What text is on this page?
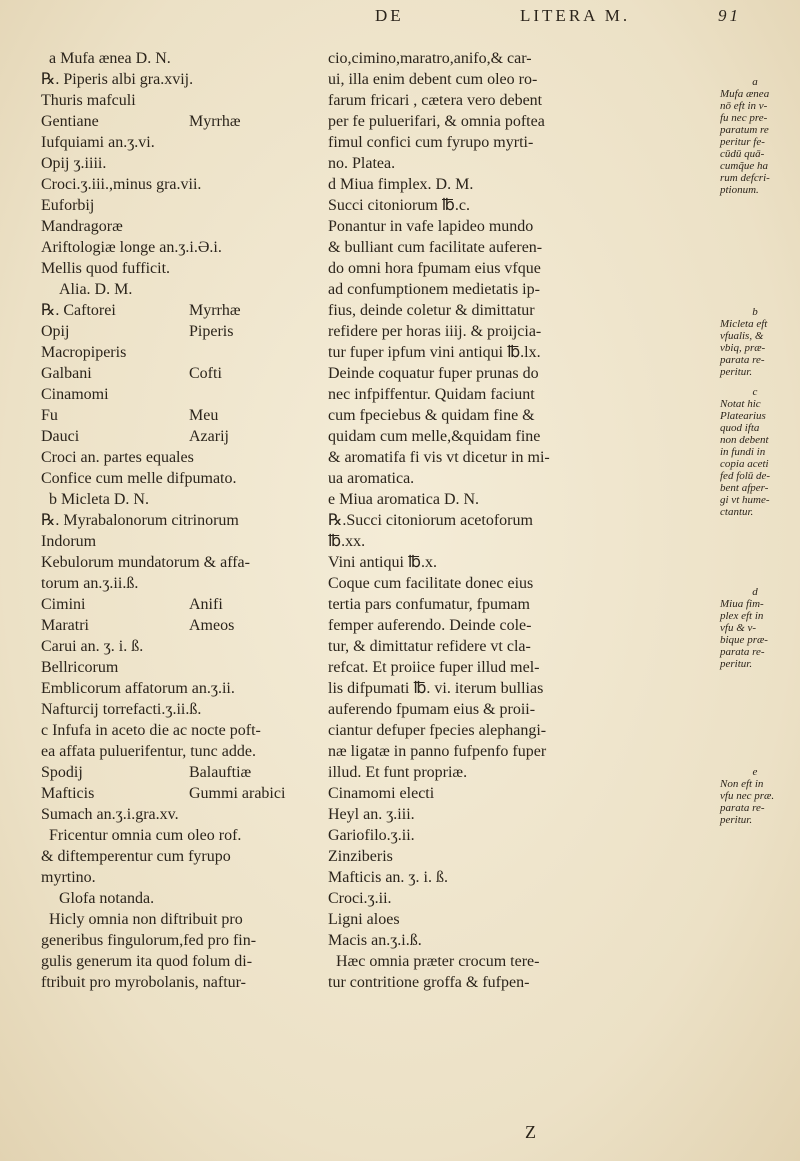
DE	LITERA M.	91
a Mufa ænea D. N.
℞. Piperis albi gra.xvij.
Thuris mafculi
Gentiane	Myrrhæ
Iufquiami an.ʒ.vi.
Opij ʒ.iiii.
Croci.ʒ.iii.,minus gra.vii.
Euforbij
Mandragoræ
Ariftologiæ longe an.ʒ.i.Ə.i.
Mellis quod fufficit.
Alia. D. M.
℞. Caftorei	Myrrhæ
Opij	Piperis
Macropiperis
Galbani	Cofti
Cinamomi
Fu	Meu
Dauci	Azarij
Croci an. partes equales
Confice cum melle difpumato.
b Micleta D. N.
℞. Myrabalonorum citrinorum
Indorum
Kebulorum mundatorum & affa-
torum an.ʒ.ii.ß.
Cimini	Anifi
Maratri	Ameos
Carui an. ʒ. i. ß.
Bellricorum
Emblicorum affatorum an.ʒ.ii.
Nafturcij torrefacti.ʒ.ii.ß.
c Infufa in aceto die ac nocte poft-
ea affata puluerifentur, tunc adde.
Spodij	Balauftiæ
Mafticis	Gummi arabici
Sumach an.ʒ.i.gra.xv.
Fricentur omnia cum oleo rof.
& diftemperentur cum fyrupo
myrtino.
Glofa notanda.
Hicly omnia non diftribuit pro
generibus fingulorum,fed pro fin-
gulis generum ita quod folum di-
ftribuit pro myrobolanis, naftur-
cio,cimino,maratro,anifo,& car-
ui, illa enim debent cum oleo ro-
farum fricari , cætera vero debent
per fe puluerifari, & omnia poftea
fimul confici cum fyrupo myrti-
no. Platea.
d Miua fimplex. D. M.
Succi citoniorum ℔.c.
Ponantur in vafe lapideo mundo
& bulliant cum facilitate auferen-
do omni hora fpumam eius vfque
ad confumptionem medietatis ip-
fius, deinde coletur & dimittatur
refidere per horas iiij. & proijcia-
tur fuper ipfum vini antiqui ℔.lx.
Deinde coquatur fuper prunas do
nec infpiffentur. Quidam faciunt
cum fpeciebus & quidam fine &
quidam cum melle,&quidam fine
& aromatifa fi vis vt dicetur in mi-
ua aromatica.
e Miua aromatica D. N.
℞.Succi citoniorum acetoforum
℔.xx.
Vini antiqui ℔.x.
Coque cum facilitate donec eius
tertia pars confumatur, fpumam
femper auferendo. Deinde cole-
tur, & dimittatur refidere vt cla-
refcat. Et proiice fuper illud mel-
lis difpumati ℔. vi. iterum bullias
auferendo fpumam eius & proii-
ciantur defuper fpecies alephangi-
næ ligatæ in panno fufpenfo fuper
illud. Et funt propriæ.
Cinamomi electi
Heyl an. ʒ.iii.
Gariofilo.ʒ.ii.
Zinziberis
Mafticis an. ʒ. i. ß.
Croci.ʒ.ii.
Ligni aloes
Macis an.ʒ.i.ß.
Hæc omnia præter crocum tere-
tur contritione groffa & fufpen-
a
Mufa ænea
nō eft in v-
fu nec pre-
paratum re
peritur fe-
cūdū quā-
cumq̃ue ha
rum defcri-
ptionum.
b
Micleta eft
vfualis, &
vbiq, præ-
parata re-
peritur.
c
Notat hic
Platearius
quod ifta
non debent
in fundi in
copia aceti
fed folū de-
bent afper-
gi vt hume-
ctantur.
d
Miua fim-
plex eft in
vfu & v-
bique præ-
parata re-
peritur.
e
Non eft in
vfu nec præ.
parata re-
peritur.
Z
